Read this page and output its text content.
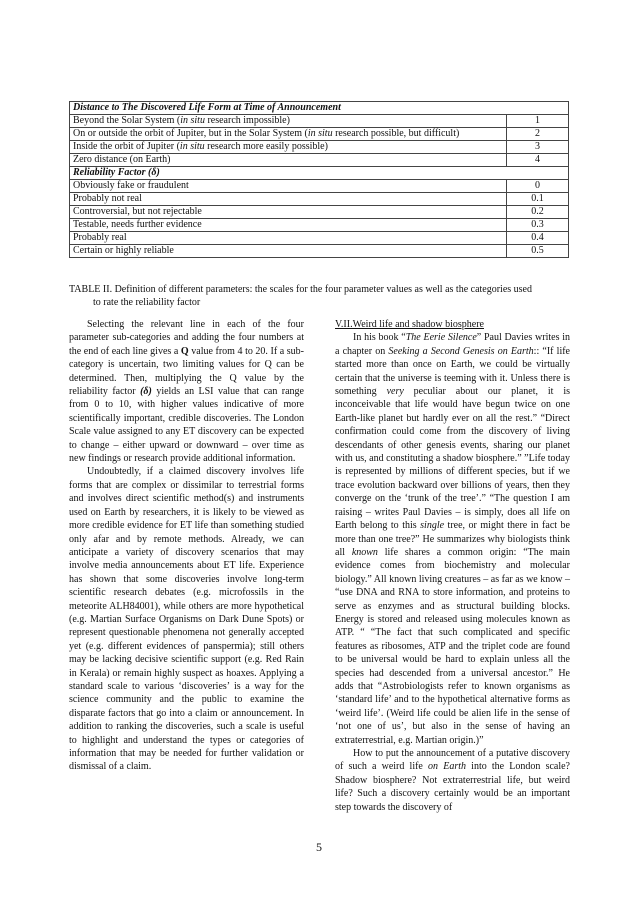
Distance to The Discovered Life Form at Time of Announcement	
Beyond the Solar System (in situ research impossible)	1
On or outside the orbit of Jupiter, but in the Solar System (in situ research possible, but difficult)	2
Inside the orbit of Jupiter (in situ research more easily possible)	3
Zero distance (on Earth)	4
Reliability Factor (δ)	
Obviously fake or fraudulent	0
Probably not real	0.1
Controversial, but not rejectable	0.2
Testable, needs further evidence	0.3
Probably real	0.4
Certain or highly reliable	0.5
TABLE II. Definition of different parameters: the scales for the four parameter values as well as the categories used
to rate the reliability factor

Selecting the relevant line in each of the four parameter sub-categories and adding the four numbers at the end of each line gives a Q value from 4 to 20. If a sub-category is uncertain, two limiting values for Q can be determined. Then, multiplying the Q value by the reliability factor (δ) yields an LSI value that can range from 0 to 10, with higher values indicative of more scientifically important, credible discoveries. The London Scale value assigned to any ET discovery can be expected to change – either upward or downward – over time as new findings or research provide additional information.

Undoubtedly, if a claimed discovery involves life forms that are complex or dissimilar to terrestrial forms and involves direct scientific method(s) and instruments used on Earth by researchers, it is likely to be viewed as more credible evidence for ET life than something studied only afar and by remote methods. Already, we can anticipate a variety of discovery scenarios that may involve media announcements about ET life. Experience has shown that some discoveries involve long-term scientific research debates (e.g. microfossils in the meteorite ALH84001), while others are more hypothetical (e.g. Martian Surface Organisms on Dark Dune Spots) or represent questionable phenomena not generally accepted yet (e.g. different evidences of panspermia); still others may be lacking decisive scientific support (e.g. Red Rain in Kerala) or remain highly suspect as hoaxes. Applying a standard scale to various ‘discoveries’ is a way for the science community and the public to examine the disparate factors that go into a claim or announcement. In addition to ranking the discoveries, such a scale is useful to highlight and understand the types or categories of information that may be needed for further validation or dismissal of a claim.

V.II.Weird life and shadow biosphere

In his book “The Eerie Silence” Paul Davies writes in a chapter on Seeking a Second Genesis on Earth:: “If life started more than once on Earth, we could be virtually certain that the universe is teeming with it. Unless there is something very peculiar about our planet, it is inconceivable that life would have begun twice on one Earth-like planet but hardly ever on all the rest.” “Direct confirmation could come from the discovery of living descendants of other genesis events, sharing our planet with us, and constituting a shadow biosphere.” ”Life today is represented by millions of different species, but if we trace evolution backward over billions of years, then they converge on the ‘trunk of the tree’.” “The question I am raising – writes Paul Davies – is simply, does all life on Earth belong to this single tree, or might there in fact be more than one tree?” He summarizes why biologists think all known life shares a common origin: “The main evidence comes from biochemistry and molecular biology.” All known living creatures – as far as we know – “use DNA and RNA to store information, and proteins to serve as enzymes and as structural building blocks. Energy is stored and released using molecules known as ATP. “ “The fact that such complicated and specific features as ribosomes, ATP and the triplet code are found to be universal would be hard to explain unless all the species had descended from a universal ancestor.” He adds that “Astrobiologists refer to known organisms as ‘standard life’ and to the hypothetical alternative forms as ‘weird life’. (Weird life could be alien life in the sense of ‘not one of us’, but also in the sense of having an extraterrestrial, e.g. Martian origin.)”

How to put the announcement of a putative discovery of such a weird life on Earth into the London scale? Shadow biosphere? Not extraterrestrial life, but weird life? Such a discovery certainly would be an important step towards the discovery of

5
